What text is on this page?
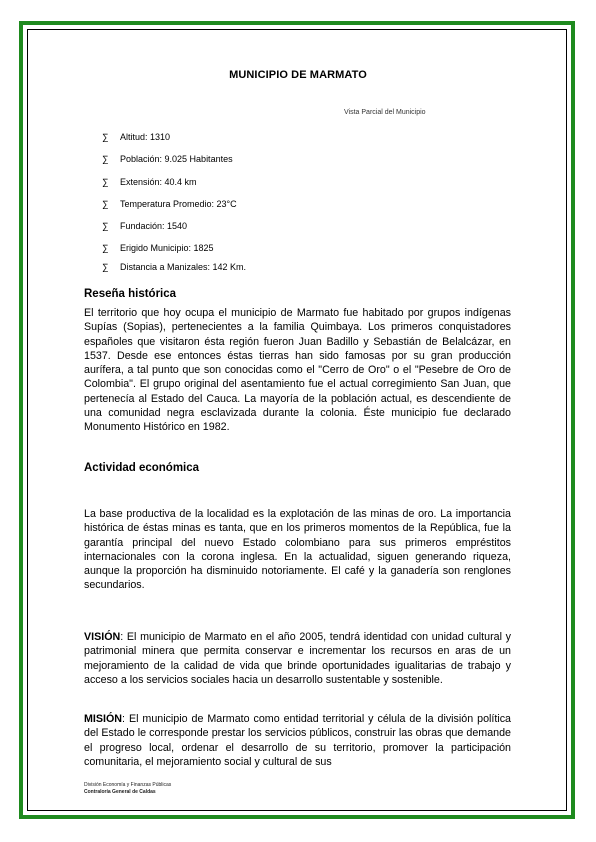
MUNICIPIO DE MARMATO
Vista Parcial del Municipio
∑ Altitud: 1310
∑ Población: 9.025 Habitantes
∑ Extensión: 40.4 km
∑ Temperatura Promedio: 23°C
∑ Fundación: 1540
∑ Erigido Municipio: 1825
∑ Distancia a Manizales: 142 Km.
Reseña histórica

El territorio que hoy ocupa el municipio de Marmato fue habitado por grupos indígenas Supías (Sopias), pertenecientes a la familia Quimbaya. Los primeros conquistadores españoles que visitaron ésta región fueron Juan Badillo y Sebastián de Belalcázar, en 1537. Desde ese entonces éstas tierras han sido famosas por su gran producción aurífera, a tal punto que son conocidas como el "Cerro de Oro" o el "Pesebre de Oro de Colombia". El grupo original del asentamiento fue el actual corregimiento San Juan, que pertenecía al Estado del Cauca. La mayoría de la población actual, es descendiente de una comunidad negra esclavizada durante la colonia. Éste municipio fue declarado Monumento Histórico en 1982.

Actividad económica

La base productiva de la localidad es la explotación de las minas de oro. La importancia histórica de éstas minas es tanta, que en los primeros momentos de la República, fue la garantía principal del nuevo Estado colombiano para sus primeros empréstitos internacionales con la corona inglesa. En la actualidad, siguen generando riqueza, aunque la proporción ha disminuido notoriamente. El café y la ganadería son renglones secundarios.

VISIÓN: El municipio de Marmato en el año 2005, tendrá identidad con unidad cultural y patrimonial minera que permita conservar e incrementar los recursos en aras de un mejoramiento de la calidad de vida que brinde oportunidades igualitarias de trabajo y acceso a los servicios sociales hacia un desarrollo sustentable y sostenible.

MISIÓN: El municipio de Marmato como entidad territorial y célula de la división política del Estado le corresponde prestar los servicios públicos, construir las obras que demande el progreso local, ordenar el desarrollo de su territorio, promover la participación comunitaria, el mejoramiento social y cultural de sus

División Economía y Finanzas Públicas
Contraloría General de Caldas
